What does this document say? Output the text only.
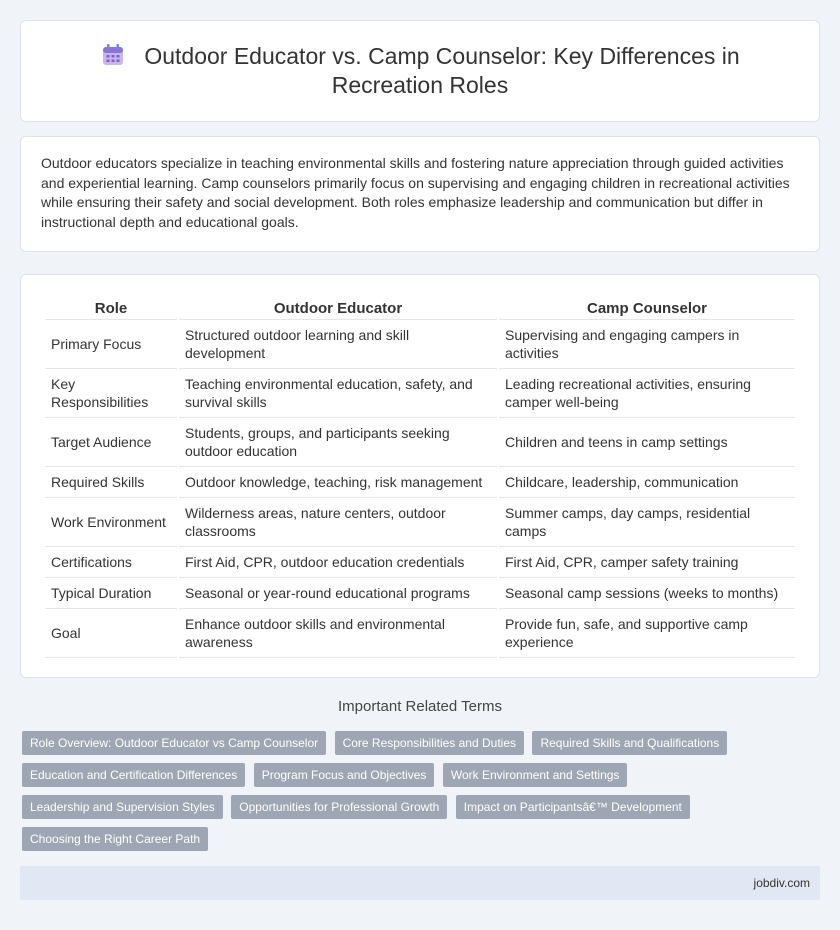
Outdoor Educator vs. Camp Counselor: Key Differences in Recreation Roles

Outdoor educators specialize in teaching environmental skills and fostering nature appreciation through guided activities and experiential learning. Camp counselors primarily focus on supervising and engaging children in recreational activities while ensuring their safety and social development. Both roles emphasize leadership and communication but differ in instructional depth and educational goals.

Role	Outdoor Educator	Camp Counselor
Primary Focus	Structured outdoor learning and skill development	Supervising and engaging campers in activities
Key Responsibilities	Teaching environmental education, safety, and survival skills	Leading recreational activities, ensuring camper well-being
Target Audience	Students, groups, and participants seeking outdoor education	Children and teens in camp settings
Required Skills	Outdoor knowledge, teaching, risk management	Childcare, leadership, communication
Work Environment	Wilderness areas, nature centers, outdoor classrooms	Summer camps, day camps, residential camps
Certifications	First Aid, CPR, outdoor education credentials	First Aid, CPR, camper safety training
Typical Duration	Seasonal or year-round educational programs	Seasonal camp sessions (weeks to months)
Goal	Enhance outdoor skills and environmental awareness	Provide fun, safe, and supportive camp experience
Important Related Terms
Role Overview: Outdoor Educator vs Camp Counselor Core Responsibilities and Duties Required Skills and Qualifications Education and Certification Differences Program Focus and Objectives Work Environment and Settings Leadership and Supervision Styles Opportunities for Professional Growth Impact on Participantsâ€™ Development Choosing the Right Career Path
jobdiv.com
